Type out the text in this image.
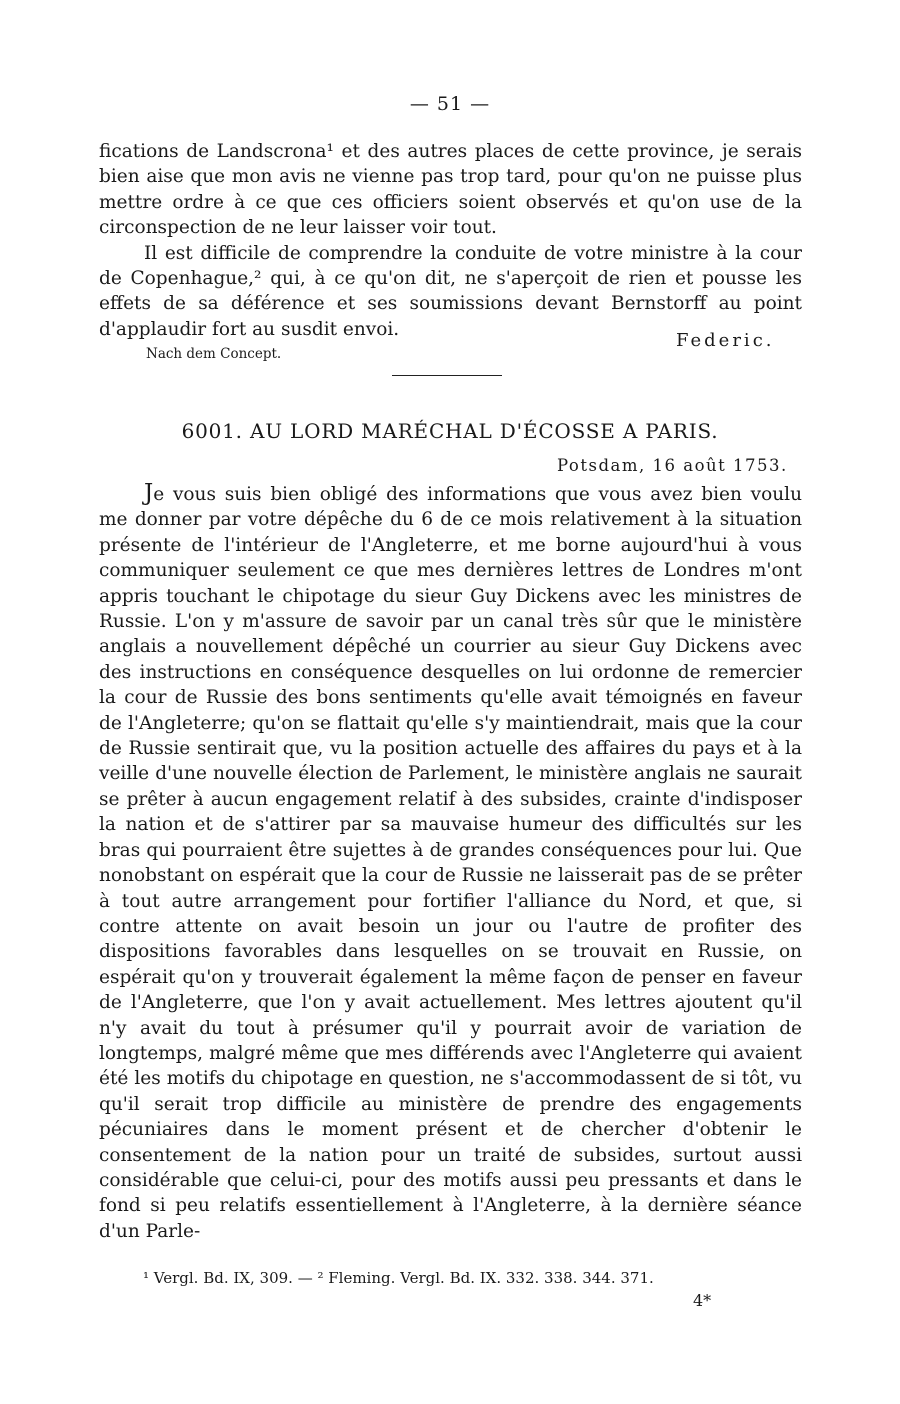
— 51 —

fications de Landscrona¹ et des autres places de cette province, je serais bien aise que mon avis ne vienne pas trop tard, pour qu'on ne puisse plus mettre ordre à ce que ces officiers soient observés et qu'on use de la circonspection de ne leur laisser voir tout.

Il est difficile de comprendre la conduite de votre ministre à la cour de Copenhague,² qui, à ce qu'on dit, ne s'aperçoit de rien et pousse les effets de sa déférence et ses soumissions devant Bernstorff au point d'applaudir fort au susdit envoi.

Federic.
Nach dem Concept.
6001. AU LORD MARÉCHAL D'ÉCOSSE A PARIS.
Potsdam, 16 août 1753.

Je vous suis bien obligé des informations que vous avez bien voulu me donner par votre dépêche du 6 de ce mois relativement à la situation présente de l'intérieur de l'Angleterre, et me borne aujourd'hui à vous communiquer seulement ce que mes dernières lettres de Londres m'ont appris touchant le chipotage du sieur Guy Dickens avec les ministres de Russie. L'on y m'assure de savoir par un canal très sûr que le ministère anglais a nouvellement dépêché un courrier au sieur Guy Dickens avec des instructions en conséquence desquelles on lui ordonne de remercier la cour de Russie des bons sentiments qu'elle avait témoignés en faveur de l'Angleterre; qu'on se flattait qu'elle s'y maintiendrait, mais que la cour de Russie sentirait que, vu la position actuelle des affaires du pays et à la veille d'une nouvelle élection de Parlement, le ministère anglais ne saurait se prêter à aucun engagement relatif à des subsides, crainte d'indisposer la nation et de s'attirer par sa mauvaise humeur des difficultés sur les bras qui pourraient être sujettes à de grandes conséquences pour lui. Que nonobstant on espérait que la cour de Russie ne laisserait pas de se prêter à tout autre arrangement pour fortifier l'alliance du Nord, et que, si contre attente on avait besoin un jour ou l'autre de profiter des dispositions favorables dans lesquelles on se trouvait en Russie, on espérait qu'on y trouverait également la même façon de penser en faveur de l'Angleterre, que l'on y avait actuellement. Mes lettres ajoutent qu'il n'y avait du tout à présumer qu'il y pourrait avoir de variation de longtemps, malgré même que mes différends avec l'Angleterre qui avaient été les motifs du chipotage en question, ne s'accommodassent de si tôt, vu qu'il serait trop difficile au ministère de prendre des engagements pécuniaires dans le moment présent et de chercher d'obtenir le consentement de la nation pour un traité de subsides, surtout aussi considérable que celui-ci, pour des motifs aussi peu pressants et dans le fond si peu relatifs essentiellement à l'Angleterre, à la dernière séance d'un Parle-

¹ Vergl. Bd. IX, 309. — ² Fleming. Vergl. Bd. IX. 332. 338. 344. 371.
4*
